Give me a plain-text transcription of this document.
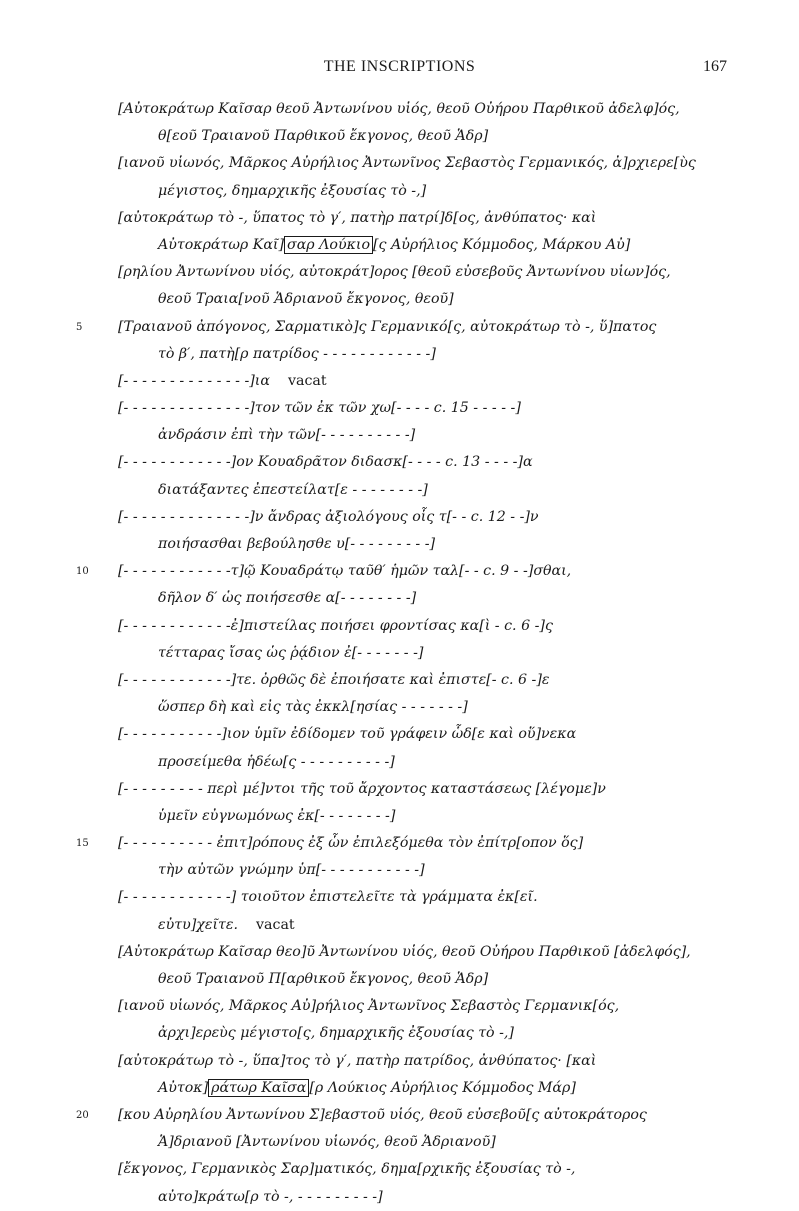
THE INSCRIPTIONS	167
[Αὐτοκράτωρ Καῖσαρ θεοῦ Ἀντωνίνου υἱός, θεοῦ Οὐήρου Παρθικοῦ ἀδελφ]ός,
θ[εοῦ Τραιανοῦ Παρθικοῦ ἔκγονος, θεοῦ Ἁδρ]
[ιανοῦ υἱωνός, Μᾶρκος Αὐρήλιος Ἀντωνῖνος Σεβαστὸς Γερμανικός, ἀ]ρχιερε[ὺς
μέγιστος, δημαρχικῆς ἐξουσίας τὸ -,]
[αὐτοκράτωρ τὸ -, ὕπατος τὸ γ′, πατὴρ πατρί]δ[ος, ἀνθύπατος· καὶ
Αὐτοκράτωρ Καῖ] σαρ Λούκιο [ς Αὐρήλιος Κόμμοδος, Μάρκου Αὐ]
[ρηλίου Ἀντωνίνου υἱός, αὐτοκράτ]ορος [θεοῦ εὐσεβοῦς Ἀντωνίνου υἱων]ός,
θεοῦ Τραια[νοῦ Ἁδριανοῦ ἔκγονος, θεοῦ]
5	[Τραιανοῦ ἀπόγονος, Σαρματικὸ]ς Γερμανικό[ς, αὐτοκράτωρ τὸ -, ὕ]πατος
τὸ β′, πατὴ[ρ πατρίδος - - - - - - - - - - - -]
[- - - - - - - - - - - - - -]ια vacat
[- - - - - - - - - - - - - -]τον τῶν ἐκ τῶν χω[- - - - c. 15 - - - - -]
ἀνδράσιν ἐπὶ τὴν τῶν[- - - - - - - - - -]
[- - - - - - - - - - - -]ον Κουαδρᾶτον διδασκ[- - - - c. 13 - - - -]α
διατάξαντες ἐπεστείλατ[ε - - - - - - - -]
[- - - - - - - - - - - - - -]ν ἄνδρας ἀξιολόγους οἷς τ[- - c. 12 - -]ν
ποιήσασθαι βεβούλησθε υ[- - - - - - - - -]
10 [- - - - - - - - - - - -τ]ῷ Κουαδράτῳ ταῦθ′ ἡμῶν ταλ[- - c. 9 - -]σθαι,
δῆλον δ′ ὡς ποιήσεσθε α[- - - - - - - -]
[- - - - - - - - - - - -ἐ]πιστείλας ποιήσει φροντίσας κα[ὶ - c. 6 -]ς
τέτταρας ἴσας ὡς ῥᾴδιον ἐ[- - - - - - -]
[- - - - - - - - - - - -]τε. ὀρθῶς δὲ ἐποιήσατε καὶ ἐπιστε[- c. 6 -]ε
ὥσπερ δὴ καὶ εἰς τὰς ἐκκλ[ησίας - - - - - - -]
[- - - - - - - - - - -]ιον ὑμῖν ἐδίδομεν τοῦ γράφειν ὧδ[ε καὶ οὕ]νεκα
προσείμεθα ἡδέω[ς - - - - - - - - - -]
[- - - - - - - - - περὶ μέ]ντοι τῆς τοῦ ἄρχοντος καταστάσεως [λέγομε]ν
ὑμεῖν εὐγνωμόνως ἐκ[- - - - - - - -]
15 [- - - - - - - - - - ἐπιτ]ρόπους ἐξ ὧν ἐπιλεξόμεθα τὸν ἐπίτρ[οπον ὅς]
τὴν αὐτῶν γνώμην ὑπ[- - - - - - - - - - -]
[- - - - - - - - - - - -] τοιοῦτον ἐπιστελεῖτε τὰ γράμματα ἐκ[εῖ.
εὐτυ]χεῖτε. vacat
[Αὐτοκράτωρ Καῖσαρ θεο]ῦ Ἀντωνίνου υἱός, θεοῦ Οὐήρου Παρθικοῦ [ἀδελφός],
θεοῦ Τραιανοῦ Π[αρθικοῦ ἔκγονος, θεοῦ Ἁδρ]
[ιανοῦ υἱωνός, Μᾶρκος Αὐ]ρήλιος Ἀντωνῖνος Σεβαστὸς Γερμανικ[ός,
ἀρχι]ερεὺς μέγιστο[ς, δημαρχικῆς ἐξουσίας τὸ -,]
[αὐτοκράτωρ τὸ -, ὕπα]τος τὸ γ′, πατὴρ πατρίδος, ἀνθύπατος· [καὶ
Αὐτοκ] ράτωρ Καῖσα [ρ Λούκιος Αὐρήλιος Κόμμοδος Μάρ]
20 [κου Αὐρηλίου Ἀντωνίνου Σ]εβαστοῦ υἱός, θεοῦ εὐσεβοῦ[ς αὐτοκράτορος
Ἁ]δριανοῦ [Ἀντωνίνου υἱωνός, θεοῦ Ἁδριανοῦ]
[ἔκγονος, Γερμανικὸς Σαρ]ματικός, δημα[ρχικῆς ἐξουσίας τὸ -,
αὐτο]κράτω[ρ τὸ -, - - - - - - - - -]
